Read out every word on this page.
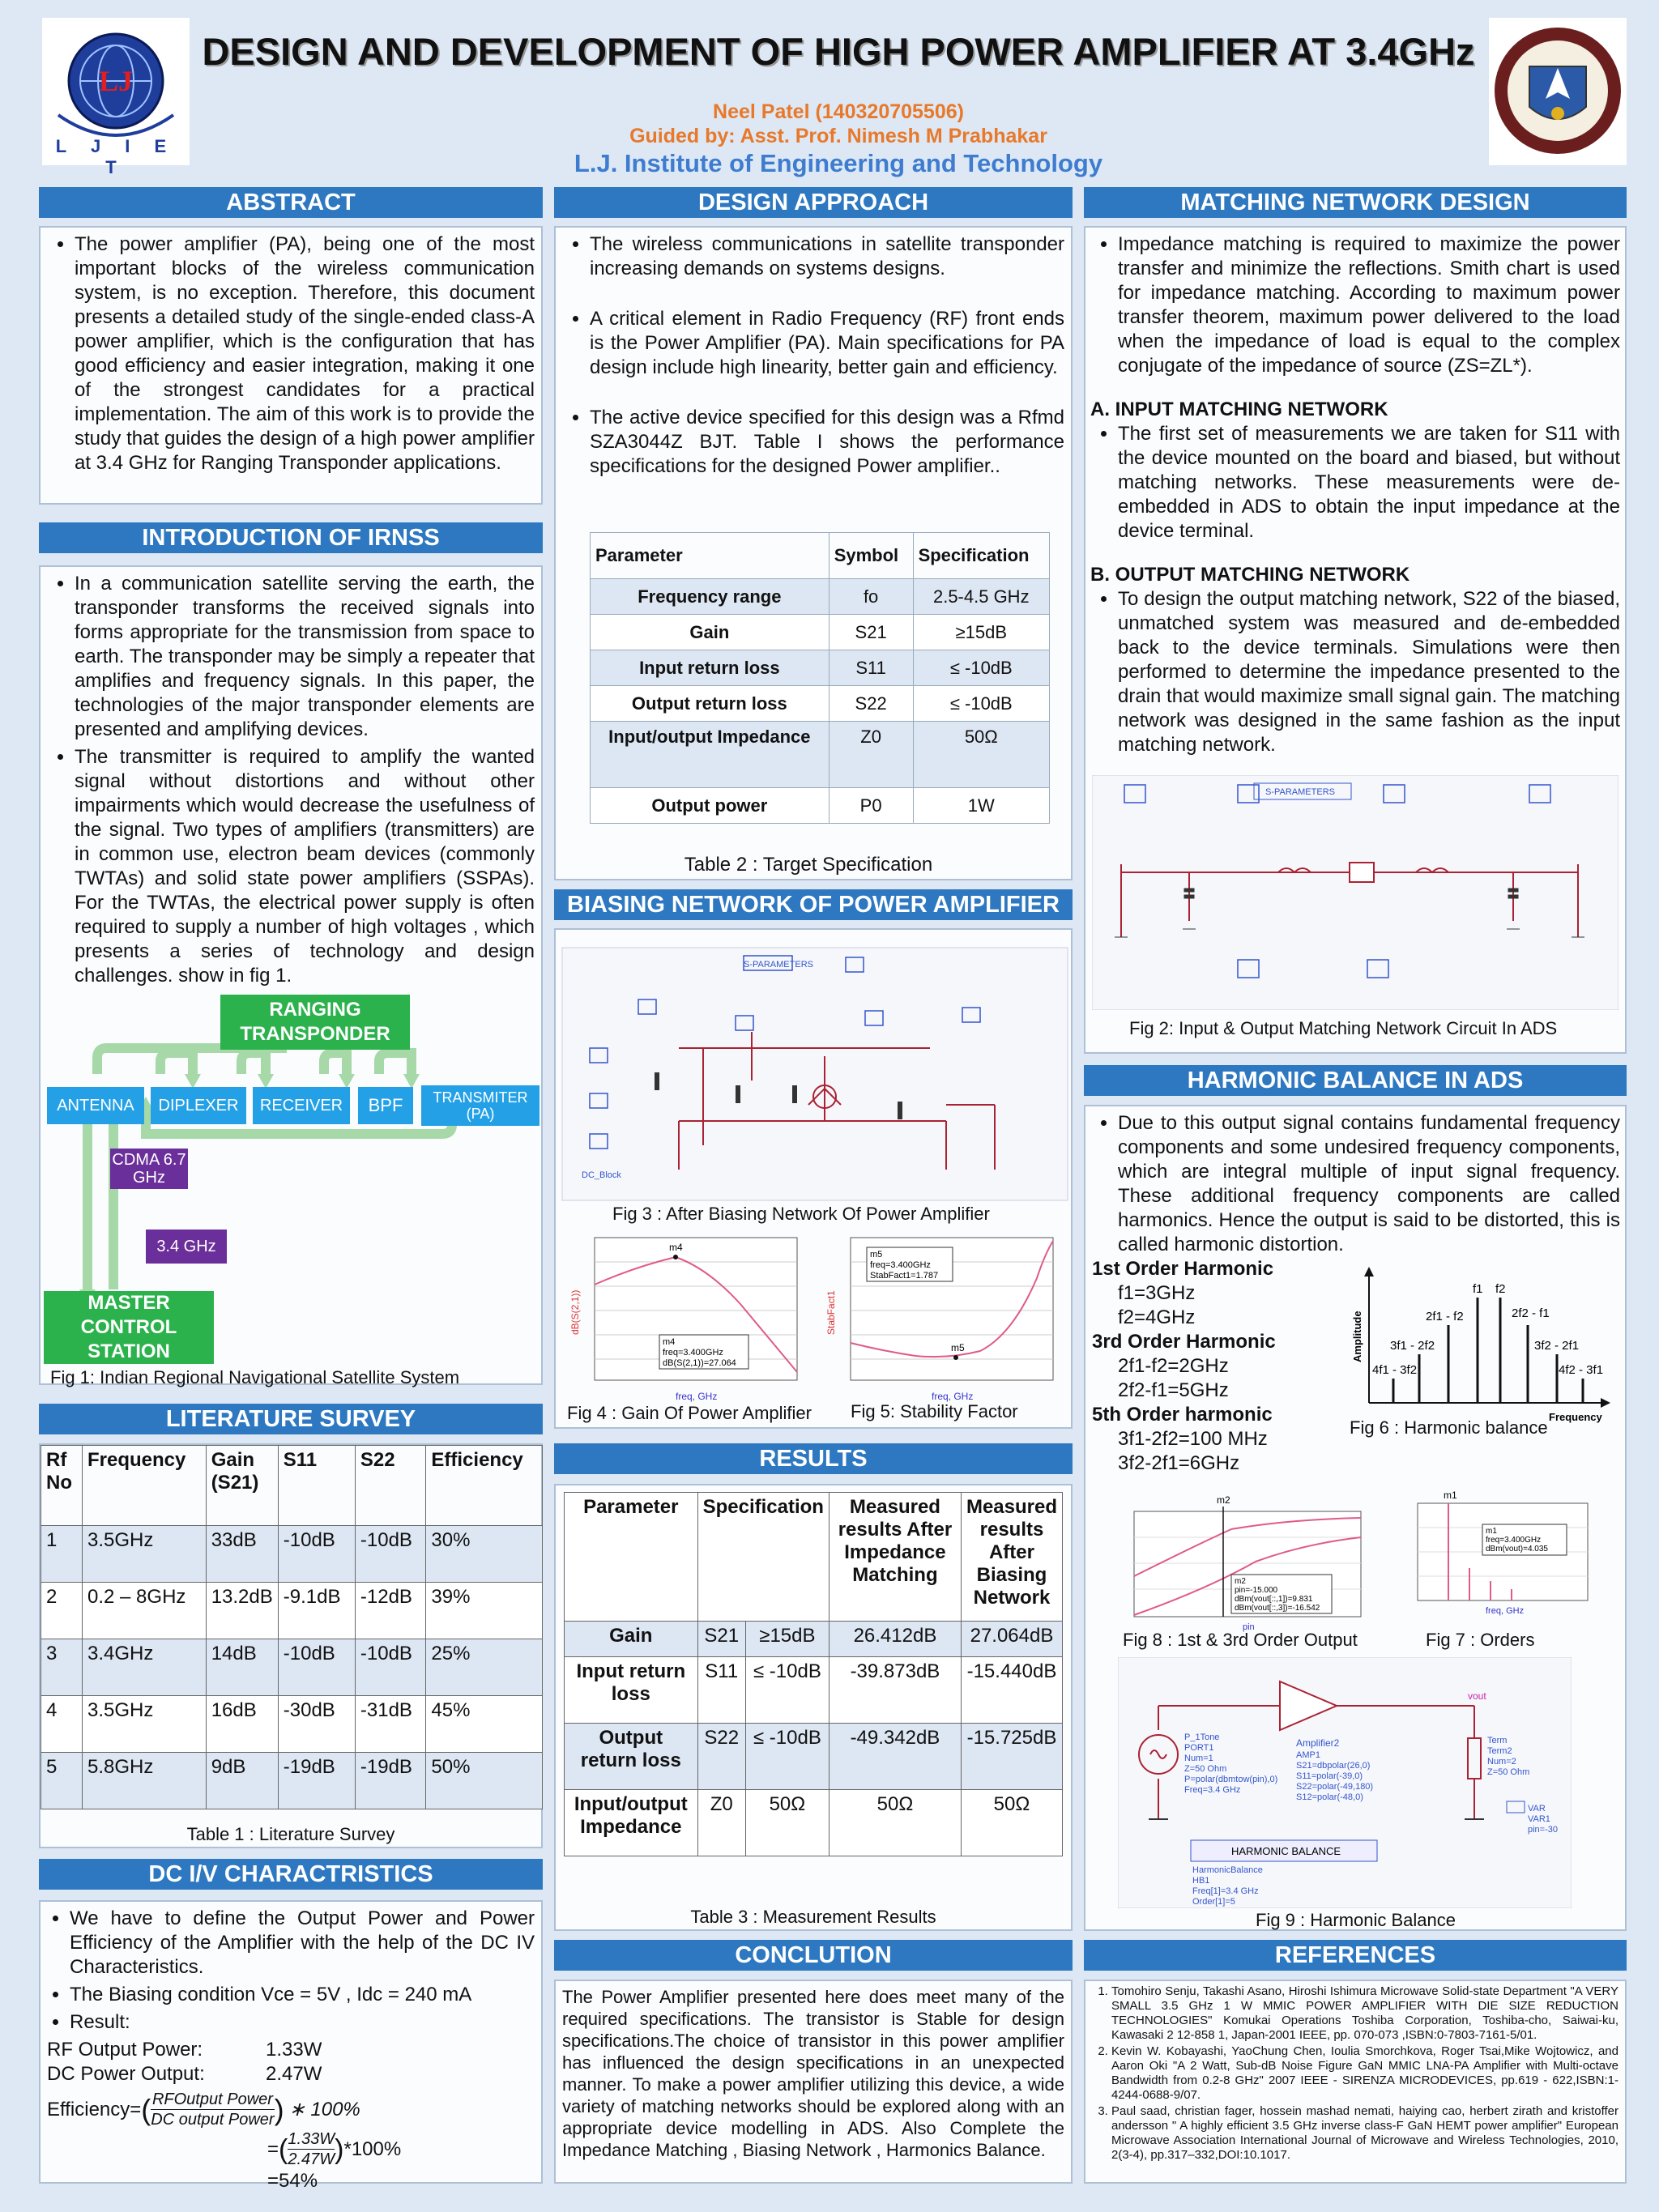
LJ
L J I E T
DESIGN AND DEVELOPMENT OF HIGH POWER AMPLIFIER AT 3.4GHz
Neel Patel (140320705506)
Guided by: Asst. Prof. Nimesh M Prabhakar
L.J. Institute of Engineering and Technology
ABSTRACT
• The power amplifier (PA), being one of the most important blocks of the wireless communication system, is no exception. Therefore, this document presents a detailed study of the single-ended class-A power amplifier, which is the configuration that has good efficiency and easier integration, making it one of the strongest candidates for a practical implementation. The aim of this work is to provide the study that guides the design of a high power amplifier at 3.4 GHz for Ranging Transponder applications.
INTRODUCTION OF IRNSS
• In a communication satellite serving the earth, the transponder transforms the received signals into forms appropriate for the transmission from space to earth. The transponder may be simply a repeater that amplifies and frequency signals. In this paper, the technologies of the major transponder elements are presented and amplifying devices.
• The transmitter is required to amplify the wanted signal without distortions and without other impairments which would decrease the usefulness of the signal. Two types of amplifiers (transmitters) are in common use, electron beam devices (commonly TWTAs) and solid state power amplifiers (SSPAs). For the TWTAs, the electrical power supply is often required to supply a number of high voltages , which presents a series of technology and design challenges. show in fig 1.
RANGING TRANSPONDER
ANTENNA	DIPLEXER	RECEIVER	BPF	TRANSMITER (PA)
CDMA 6.7 GHz
3.4 GHz
MASTER CONTROL STATION
Fig 1: Indian Regional Navigational Satellite System
LITERATURE SURVEY
Rf No	Frequency	Gain (S21)	S11	S22	Efficiency
1	3.5GHz	33dB	-10dB	-10dB	30%
2	0.2 – 8GHz	13.2dB	-9.1dB	-12dB	39%
3	3.4GHz	14dB	-10dB	-10dB	25%
4	3.5GHz	16dB	-30dB	-31dB	45%
5	5.8GHz	9dB	-19dB	-19dB	50%
Table 1 : Literature Survey
DC I/V CHARACTRISTICS
• We have to define the Output Power and Power Efficiency of the Amplifier with the help of the DC IV Characteristics.
• The Biasing condition Vce = 5V , Idc = 240 mA
• Result:
RF Output Power:	1.33W
DC Power Output:	2.47W
Efficiency= ( RFOutput Power
DC output Power ) ∗ 100%
= ( $\frac{1.33W}{2.47W}$ ) *100%
=54%
DESIGN APPROACH
• The wireless communications in satellite transponder increasing demands on systems designs.
• A critical element in Radio Frequency (RF) front ends is the Power Amplifier (PA). Main specifications for PA design include high linearity, better gain and efficiency.
• The active device specified for this design was a Rfmd SZA3044Z BJT. Table I shows the performance specifications for the designed Power amplifier..
Parameter	Symbol	Specification
Frequency range	fo	2.5-4.5 GHz
Gain	S21	≥15dB
Input return loss	S11	≤ -10dB
Output return loss	S22	≤ -10dB
Input/output Impedance	Z0	50Ω
Output power	P0	1W
Table 2 : Target Specification
BIASING NETWORK OF POWER AMPLIFIER
S-PARAMETERS
DC_Block
Fig 3 : After Biasing Network Of Power Amplifier
m4
m4
freq=3.400GHz
dB(S(2,1))=27.064
dB(S(2,1))
freq, GHz
m5
m5
freq=3.400GHz
StabFact1=1.787
StabFact1
freq, GHz
Fig 4 : Gain Of Power Amplifier Fig 5: Stability Factor
RESULTS
Parameter	Specification		Measured results After Impedance Matching	Measured results After Biasing Network
Gain	S21	≥15dB	26.412dB	27.064dB
Input return loss	S11	≤ -10dB	-39.873dB	-15.440dB
Output return loss	S22	≤ -10dB	-49.342dB	-15.725dB
Input/output Impedance	Z0	50Ω	50Ω	50Ω
Table 3 : Measurement Results
CONCLUTION
The Power Amplifier presented here does meet many of the required specifications. The transistor is Stable for design specifications.The choice of transistor in this power amplifier has influenced the design specifications in an unexpected manner. To make a power amplifier utilizing this device, a wide variety of matching networks should be explored along with an appropriate device modelling in ADS. Also Complete the Impedance Matching , Biasing Network , Harmonics Balance.
MATCHING NETWORK DESIGN
• Impedance matching is required to maximize the power transfer and minimize the reflections. Smith chart is used for impedance matching. According to maximum power transfer theorem, maximum power delivered to the load when the impedance of load is equal to the complex conjugate of the impedance of source (ZS=ZL*).
A. INPUT MATCHING NETWORK
• The first set of measurements we are taken for S11 with the device mounted on the board and biased, but without matching networks. These measurements were de-embedded in ADS to obtain the input impedance at the device terminal.
B. OUTPUT MATCHING NETWORK
• To design the output matching network, S22 of the biased, unmatched system was measured and de-embedded back to the device terminals. Simulations were then performed to determine the impedance presented to the drain that would maximize small signal gain. The matching network was designed in the same fashion as the input matching network.
S-PARAMETERS
Fig 2: Input & Output Matching Network Circuit In ADS
HARMONIC BALANCE IN ADS
• Due to this output signal contains fundamental frequency components and some undesired frequency components, which are integral multiple of input signal frequency. These additional frequency components are called harmonics. Hence the output is said to be distorted, this is called harmonic distortion.
1st Order Harmonic
f1=3GHz
f2=4GHz
3rd Order Harmonic
2f1-f2=2GHz
2f2-f1=5GHz
5th Order harmonic
3f1-2f2=100 MHz
3f2-2f1=6GHz
f1 f2
2f1 - f2	2f2 - f1
3f1 - 2f2	3f2 - 2f1
4f1 - 3f2	4f2 - 3f1
Amplitude
Frequency
Fig 6 : Harmonic balance
m2
m2
pin=-15.000
dBm(vout[::,1])=9.831
dBm(vout[::,3])=-16.542
pin
m1
m1
freq=3.400GHz
dBm(vout)=4.035
freq, GHz
Fig 8 : 1st & 3rd Order Output	Fig 7 : Orders
Amplifier2
AMP1
S21=dbpolar(26,0)
S11=polar(-39,0)
S22=polar(-49,180)
S12=polar(-48,0)
P_1Tone
PORT1
Num=1
Z=50 Ohm
P=polar(dbmtow(pin),0)
Freq=3.4 GHz
vout
Term
Term2
Num=2
Z=50 Ohm
VAR
VAR1
pin=-30
HARMONIC BALANCE
HarmonicBalance
HB1
Freq[1]=3.4 GHz
Order[1]=5
Fig 9 : Harmonic Balance
REFERENCES
1. Tomohiro Senju, Takashi Asano, Hiroshi Ishimura Microwave Solid-state Department "A VERY SMALL 3.5 GHz 1 W MMIC POWER AMPLIFIER WITH DIE SIZE REDUCTION TECHNOLOGIES" Komukai Operations Toshiba Corporation, Toshiba-cho, Saiwai-ku, Kawasaki 2 12-858 1, Japan-2001 IEEE, pp. 070-073 ,ISBN:0-7803-7161-5/01.
2. Kevin W. Kobayashi, YaoChung Chen, Ioulia Smorchkova, Roger Tsai,Mike Wojtowicz, and Aaron Oki "A 2 Watt, Sub-dB Noise Figure GaN MMIC LNA-PA Amplifier with Multi-octave Bandwidth from 0.2-8 GHz" 2007 IEEE - SIRENZA MICRODEVICES, pp.619 - 622,ISBN:1-4244-0688-9/07.
3. Paul saad, christian fager, hossein mashad nemati, haiying cao, herbert zirath and kristoffer andersson " A highly efficient 3.5 GHz inverse class-F GaN HEMT power amplifier" European Microwave Association International Journal of Microwave and Wireless Technologies, 2010, 2(3-4), pp.317–332,DOI:10.1017.
